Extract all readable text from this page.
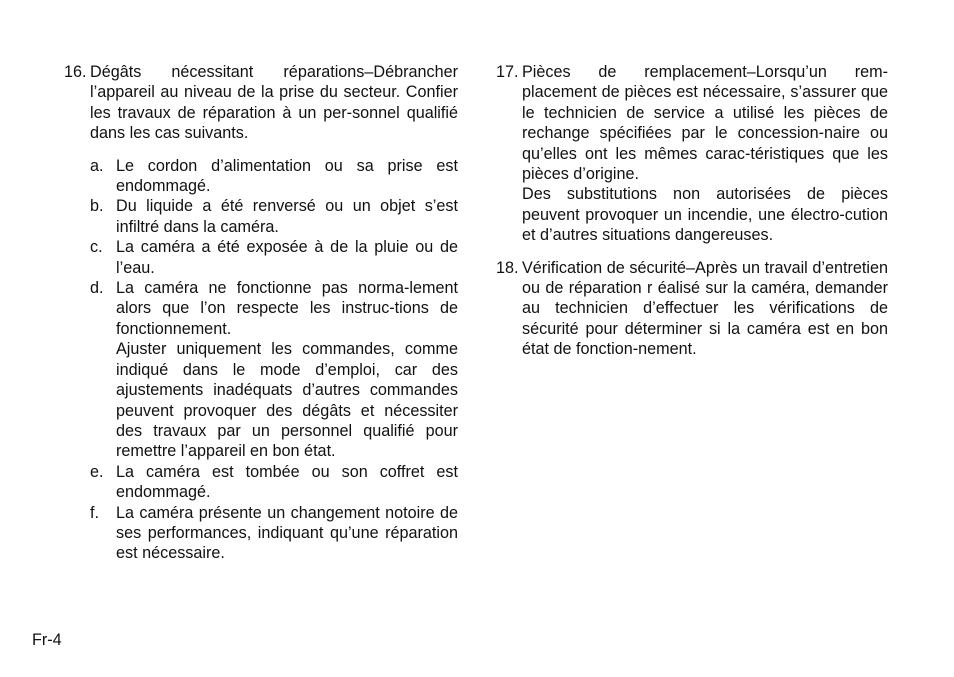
16. Dégâts nécessitant réparations–Débrancher l’appareil au niveau de la prise du secteur. Confier les travaux de réparation à un per-sonnel qualifié dans les cas suivants.

a. Le cordon d’alimentation ou sa prise est endommagé.
b. Du liquide a été renversé ou un objet s’est infiltré dans la caméra.
c. La caméra a été exposée à de la pluie ou de l’eau.
d. La caméra ne fonctionne pas norma-lement alors que l’on respecte les instruc-tions de fonctionnement.

Ajuster uniquement les commandes, comme indiqué dans le mode d’emploi, car des ajustements inadéquats d’autres commandes peuvent provoquer des dégâts et nécessiter des travaux par un personnel qualifié pour remettre l’appareil en bon état.

e. La caméra est tombée ou son coffret est endommagé.
f.	La caméra présente un changement notoire de ses performances, indiquant qu’une réparation est nécessaire.
17. Pièces de remplacement–Lorsqu’un rem-placement de pièces est nécessaire, s’assurer que le technicien de service a utilisé les pièces de rechange spécifiées par le concession-naire ou qu’elles ont les mêmes carac-téristiques que les pièces d’origine.

Des substitutions non autorisées de pièces peuvent provoquer un incendie, une électro-cution et d’autres situations dangereuses.

18. Vérification de sécurité–Après un travail d’entretien ou de réparation r éalisé sur la caméra, demander au technicien d’effectuer les vérifications de sécurité pour déterminer si la caméra est en bon état de fonction-nement.

Fr-4
